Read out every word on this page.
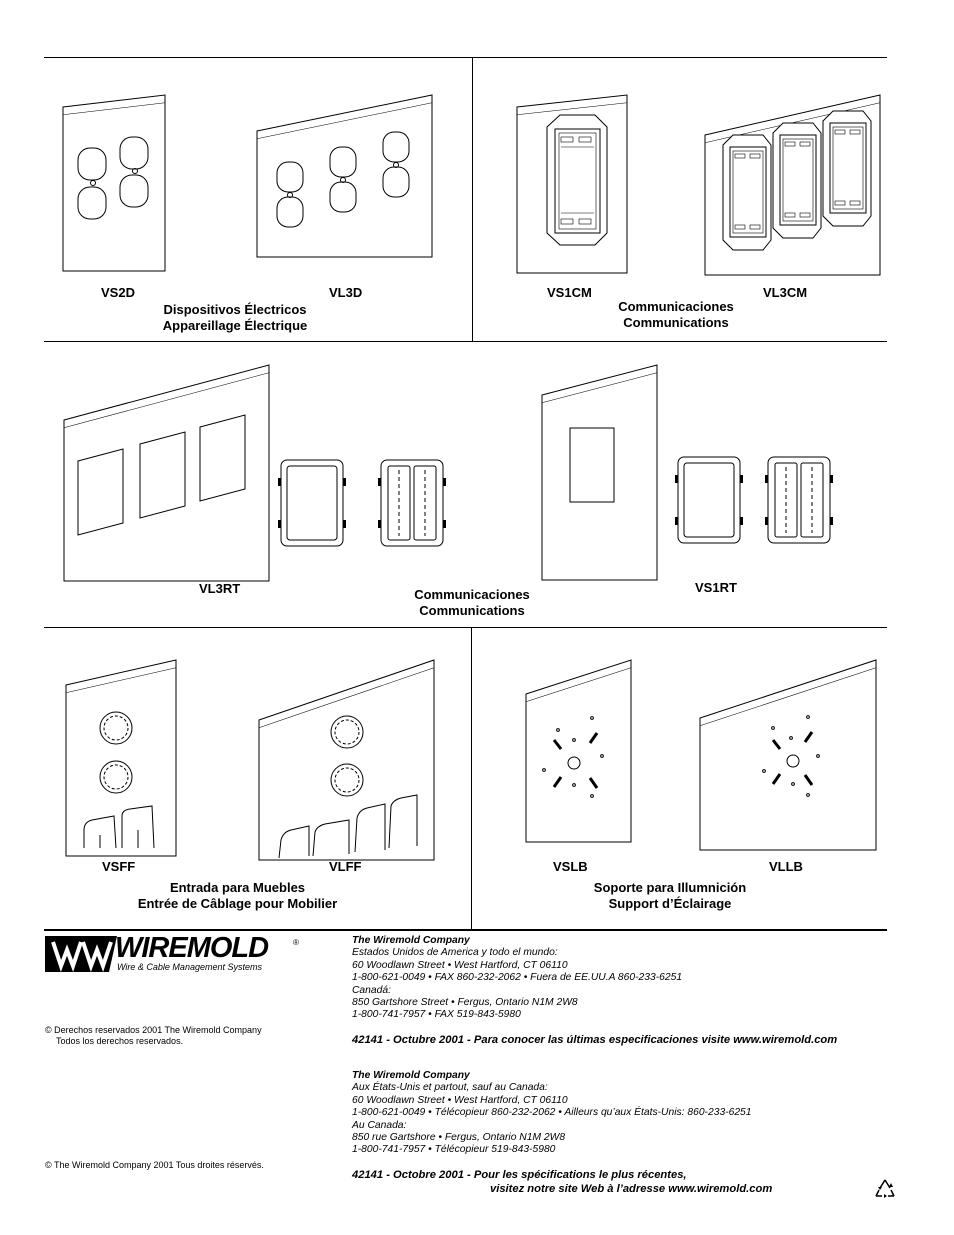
VS2D	VL3D
Dispositivos Électricos
Appareillage Électrique
VS1CM	VL3CM
Communicaciones
Communications
VL3RT	VS1RT
Communicaciones
Communications
VSFF	VLFF
Entrada para Muebles
Entrée de Câblage pour Mobilier
VSLB	VLLB
Soporte para Illumnición
Support d’Éclairage
WIREMOLD	®
Wire & Cable Management Systems
© Derechos reservados 2001 The Wiremold Company
Todos los derechos reservados.
© The Wiremold Company 2001 Tous droites réservés.
The Wiremold Company
Estados Unidos de America y todo el mundo:
60 Woodlawn Street • West Hartford, CT 06110
1-800-621-0049 • FAX 860-232-2062 • Fuera de EE.UU.A 860-233-6251
Canadá:
850 Gartshore Street • Fergus, Ontario N1M 2W8
1-800-741-7957 • FAX 519-843-5980
42141 - Octubre 2001 - Para conocer las últimas especificaciones visite www.wiremold.com
The Wiremold Company
Aux États-Unis et partout, sauf au Canada:
60 Woodlawn Street • West Hartford, CT 06110
1-800-621-0049 • Télécopieur 860-232-2062 • Ailleurs qu’aux États-Unis: 860-233-6251
Au Canada:
850 rue Gartshore • Fergus, Ontario N1M 2W8
1-800-741-7957 • Télécopieur 519-843-5980
42141 - Octobre 2001 - Pour les spécifications le plus récentes,
visitez notre site Web à l’adresse www.wiremold.com
